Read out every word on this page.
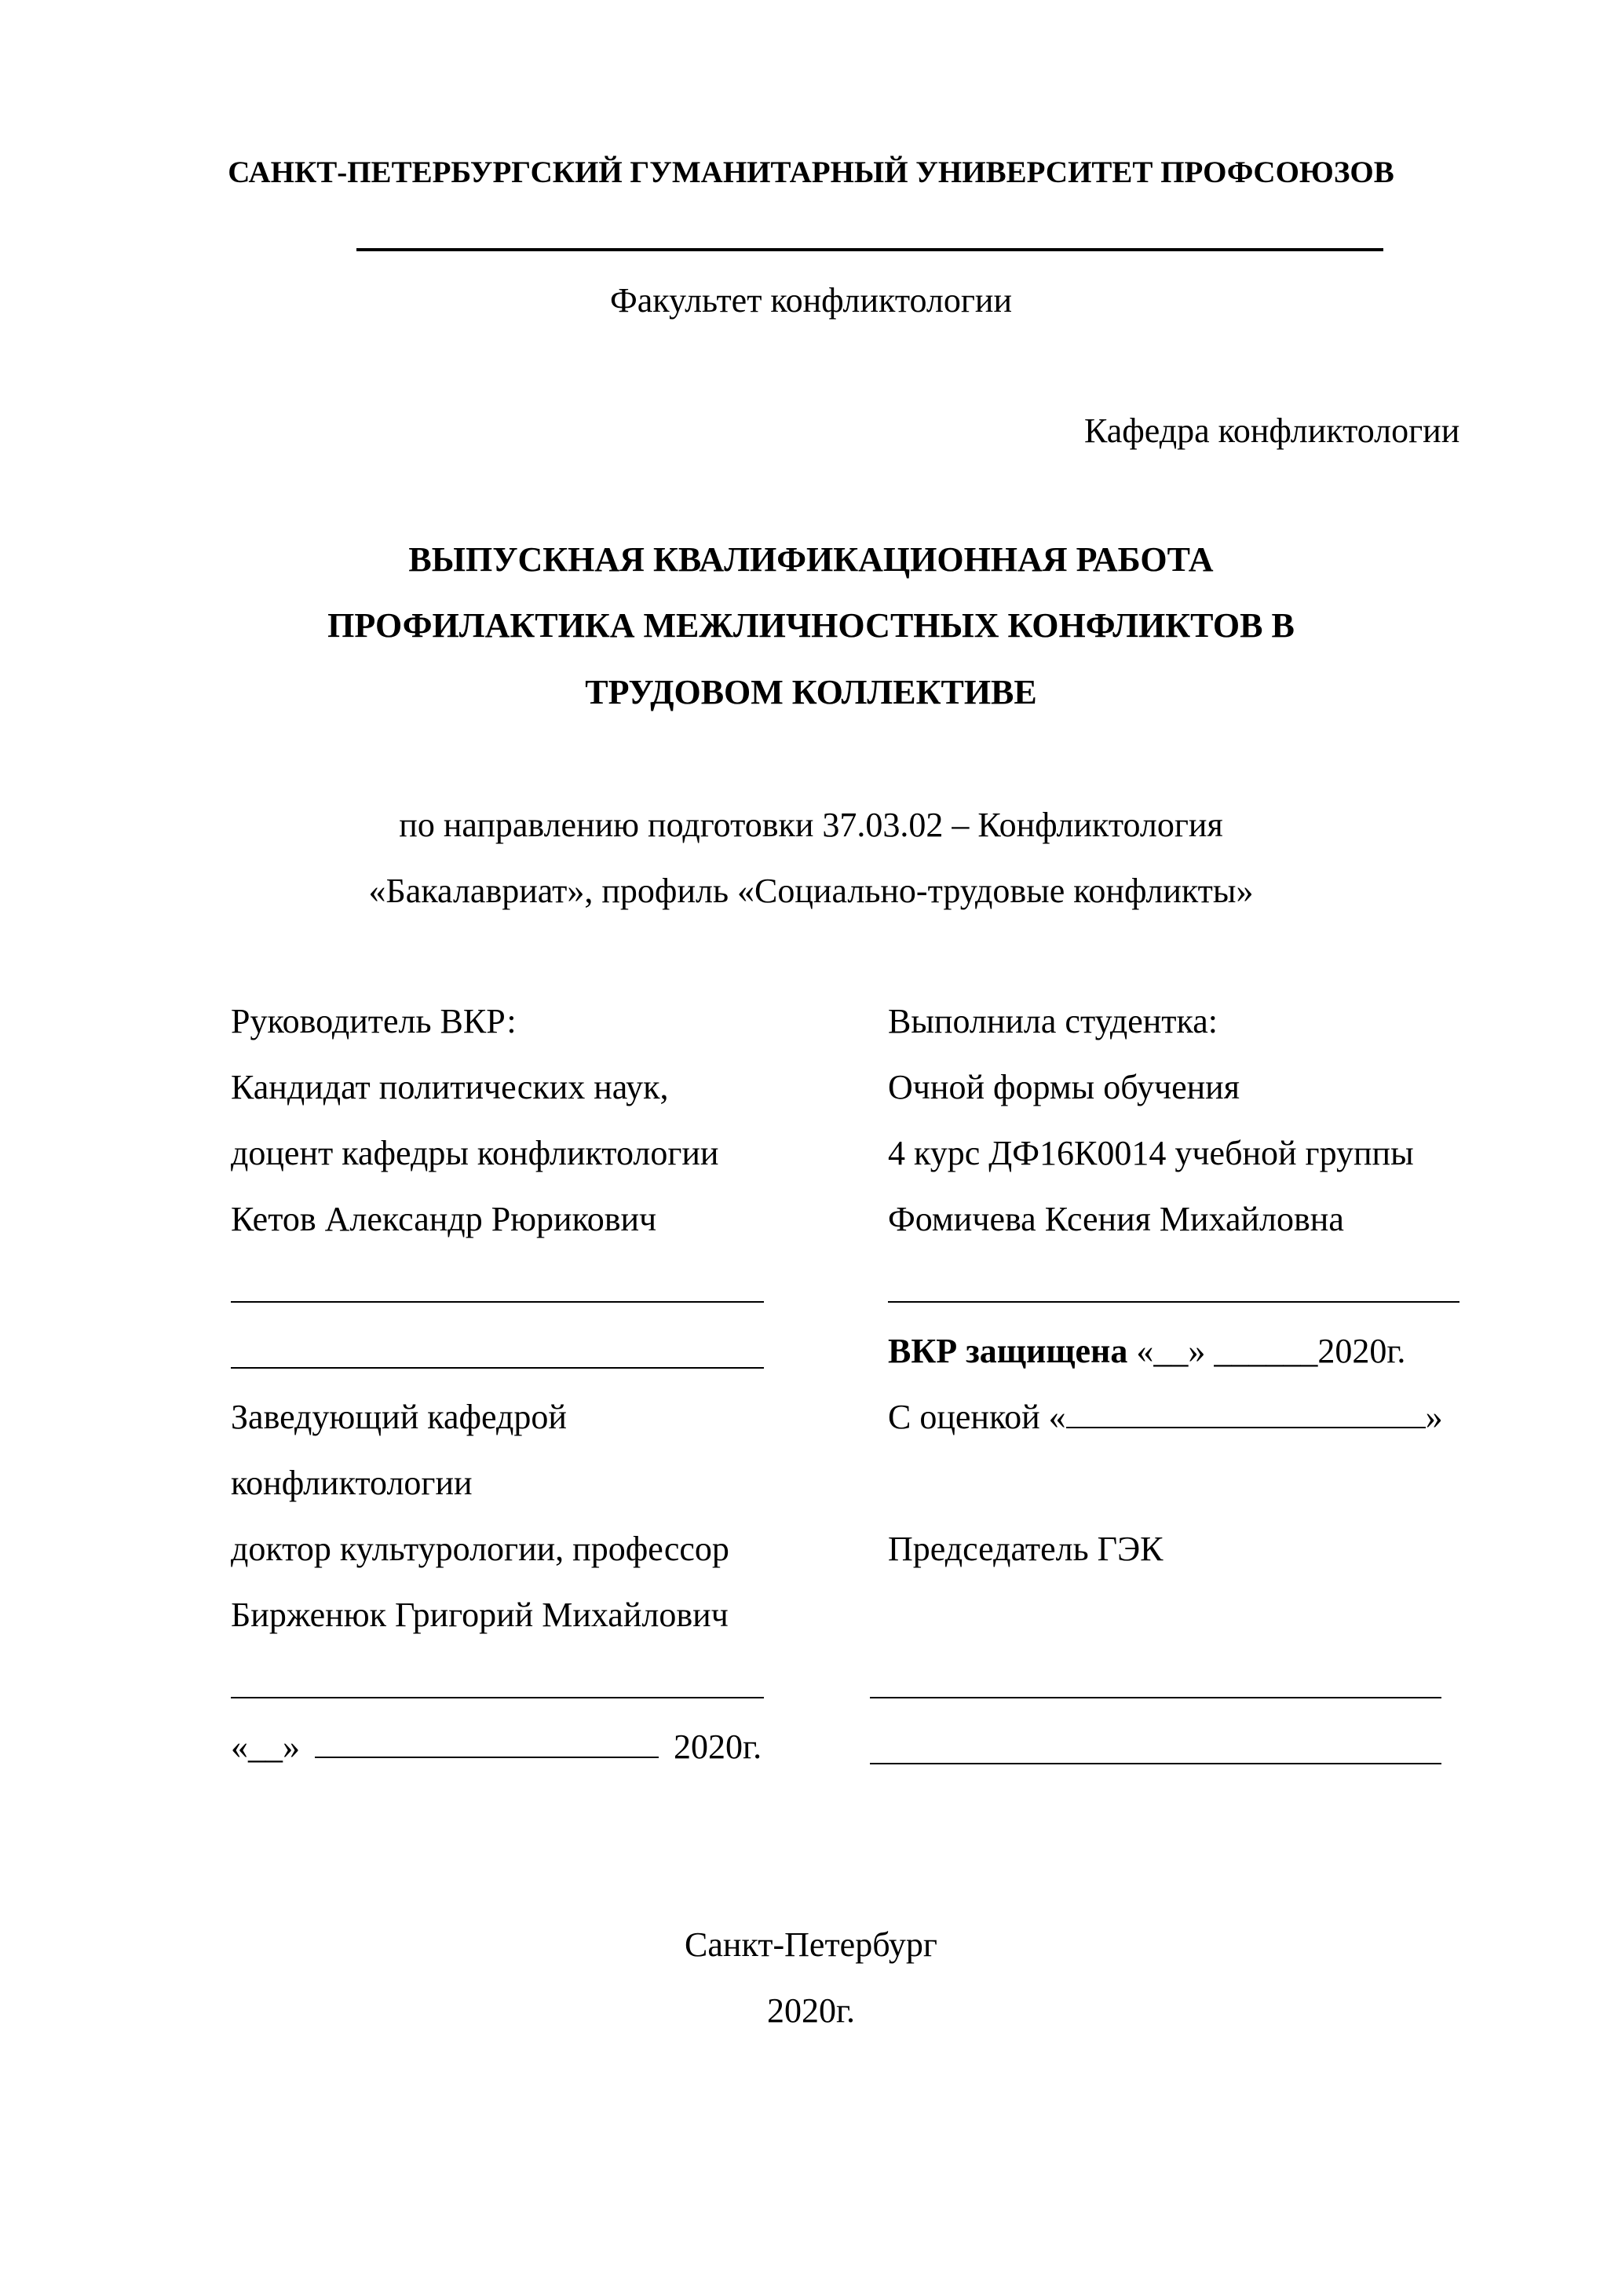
САНКТ-ПЕТЕРБУРГСКИЙ ГУМАНИТАРНЫЙ УНИВЕРСИТЕТ ПРОФСОЮЗОВ
Факультет конфликтологии
Кафедра конфликтологии
ВЫПУСКНАЯ КВАЛИФИКАЦИОННАЯ РАБОТА
ПРОФИЛАКТИКА МЕЖЛИЧНОСТНЫХ КОНФЛИКТОВ В
ТРУДОВОМ КОЛЛЕКТИВЕ
по направлению подготовки 37.03.02 – Конфликтология
«Бакалавриат», профиль «Социально-трудовые конфликты»
Руководитель ВКР:
Кандидат политических наук,
доцент кафедры конфликтологии
Кетов Александр Рюрикович
Заведующий кафедрой
конфликтологии
доктор культурологии, профессор
Бирженюк Григорий Михайлович
«__»	2020г.
Выполнила студентка:
Очной формы обучения
4 курс ДФ16К0014 учебной группы
Фомичева Ксения Михайловна
ВКР защищена «__» ______2020г.
С оценкой «	»
Председатель ГЭК
Санкт-Петербург
2020г.
